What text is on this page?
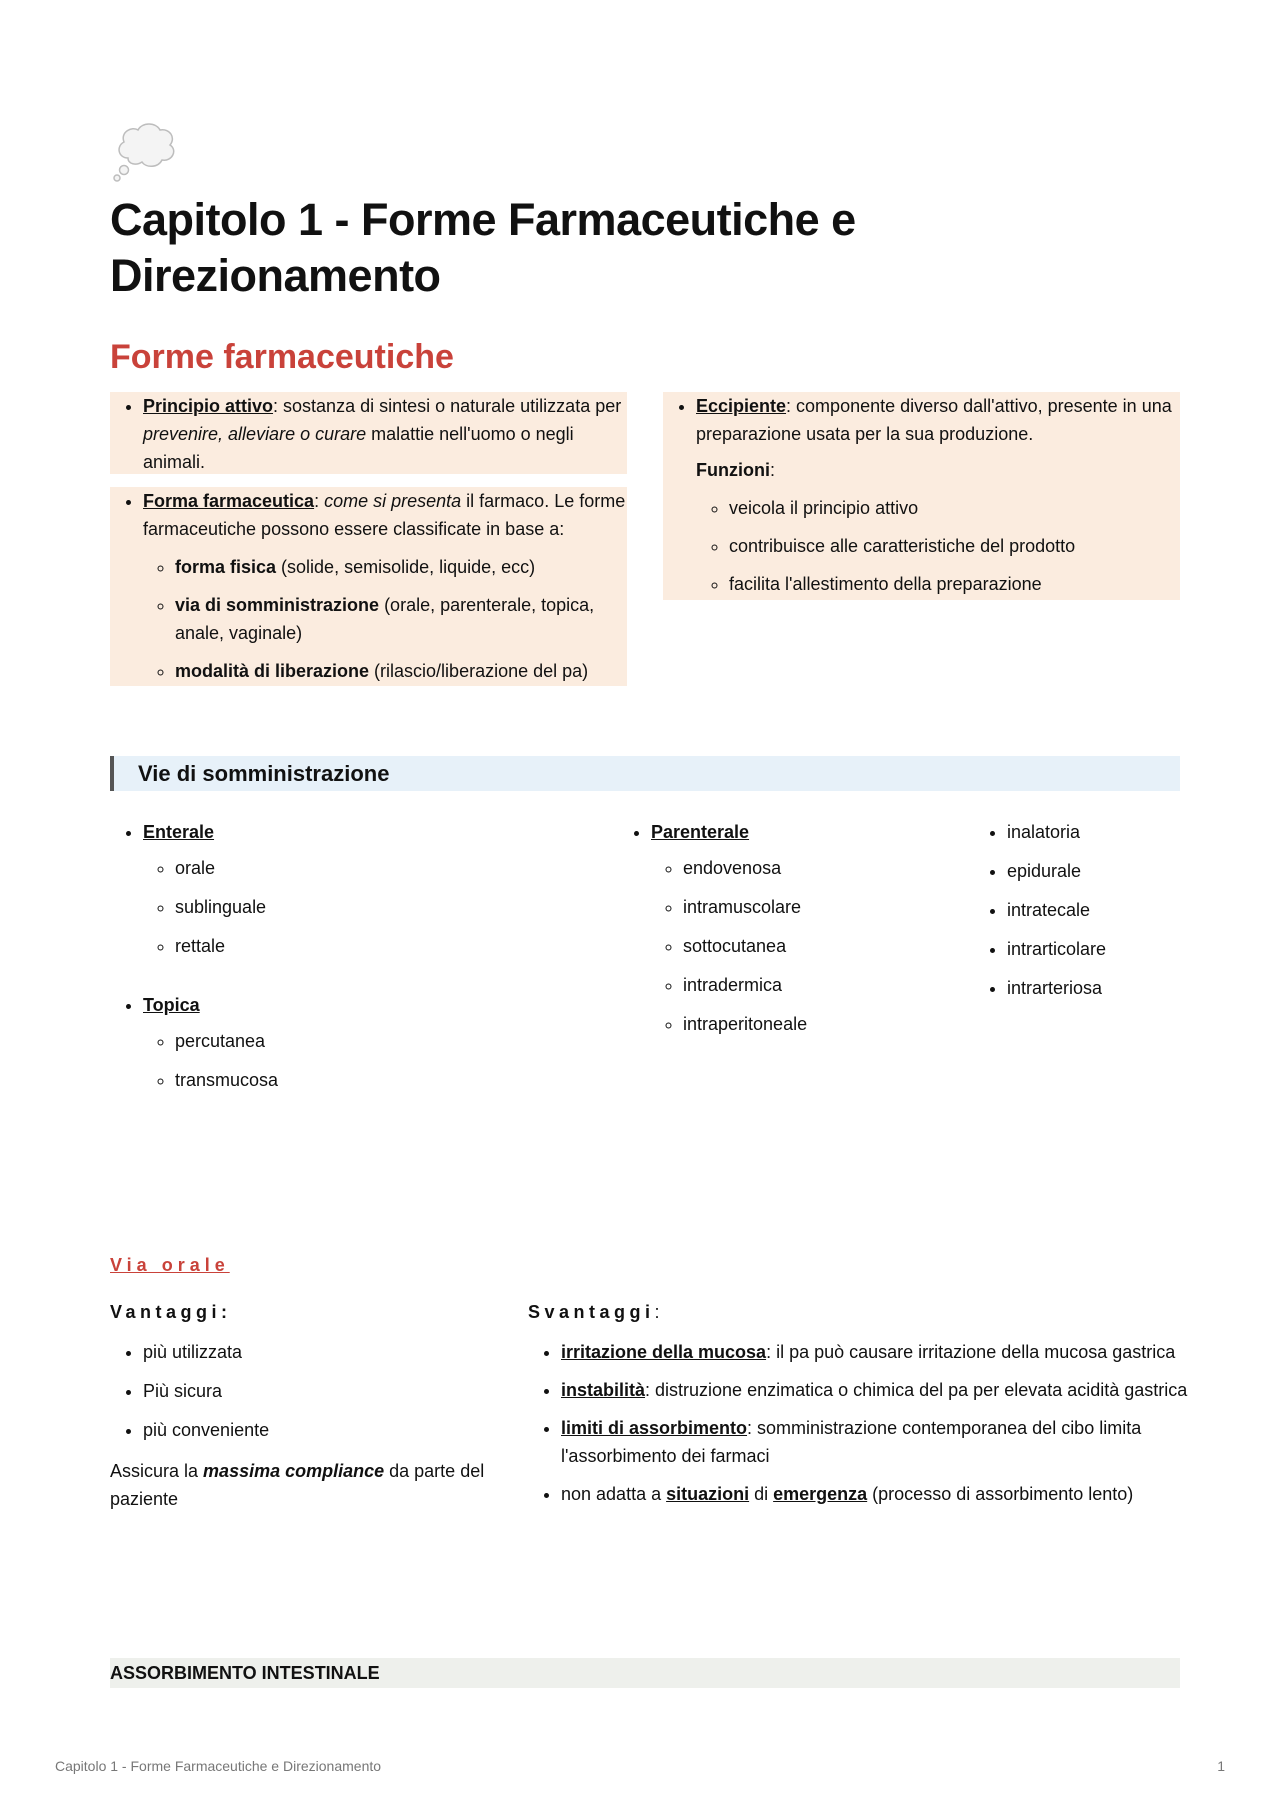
Capitolo 1 - Forme Farmaceutiche e Direzionamento
Forme farmaceutiche
• Principio attivo: sostanza di sintesi o naturale utilizzata per prevenire, alleviare o curare malattie nell'uomo o negli animali.
• Forma farmaceutica: come si presenta il farmaco. Le forme farmaceutiche possono essere classificate in base a:
◦ forma fisica (solide, semisolide, liquide, ecc)
◦ via di somministrazione (orale, parenterale, topica, anale, vaginale)
◦ modalità di liberazione (rilascio/liberazione del pa)
• Eccipiente: componente diverso dall'attivo, presente in una preparazione usata per la sua produzione.
Funzioni:
◦ veicola il principio attivo
◦ contribuisce alle caratteristiche del prodotto
◦ facilita l'allestimento della preparazione
Vie di somministrazione
• Enterale
◦ orale
◦ sublinguale
◦ rettale
• Topica
◦ percutanea
◦ transmucosa
• Parenterale
◦ endovenosa
◦ intramuscolare
◦ sottocutanea
◦ intradermica
◦ intraperitoneale
• inalatoria
• epidurale
• intratecale
• intrarticolare
• intrarteriosa
Via orale
Vantaggi:
• più utilizzata
• Più sicura
• più conveniente
Assicura la massima compliance da parte del paziente
Svantaggi:
• irritazione della mucosa: il pa può causare irritazione della mucosa gastrica
• instabilità: distruzione enzimatica o chimica del pa per elevata acidità gastrica
• limiti di assorbimento: somministrazione contemporanea del cibo limita l'assorbimento dei farmaci
• non adatta a situazioni di emergenza (processo di assorbimento lento)
ASSORBIMENTO INTESTINALE
Capitolo 1 - Forme Farmaceutiche e Direzionamento	1
